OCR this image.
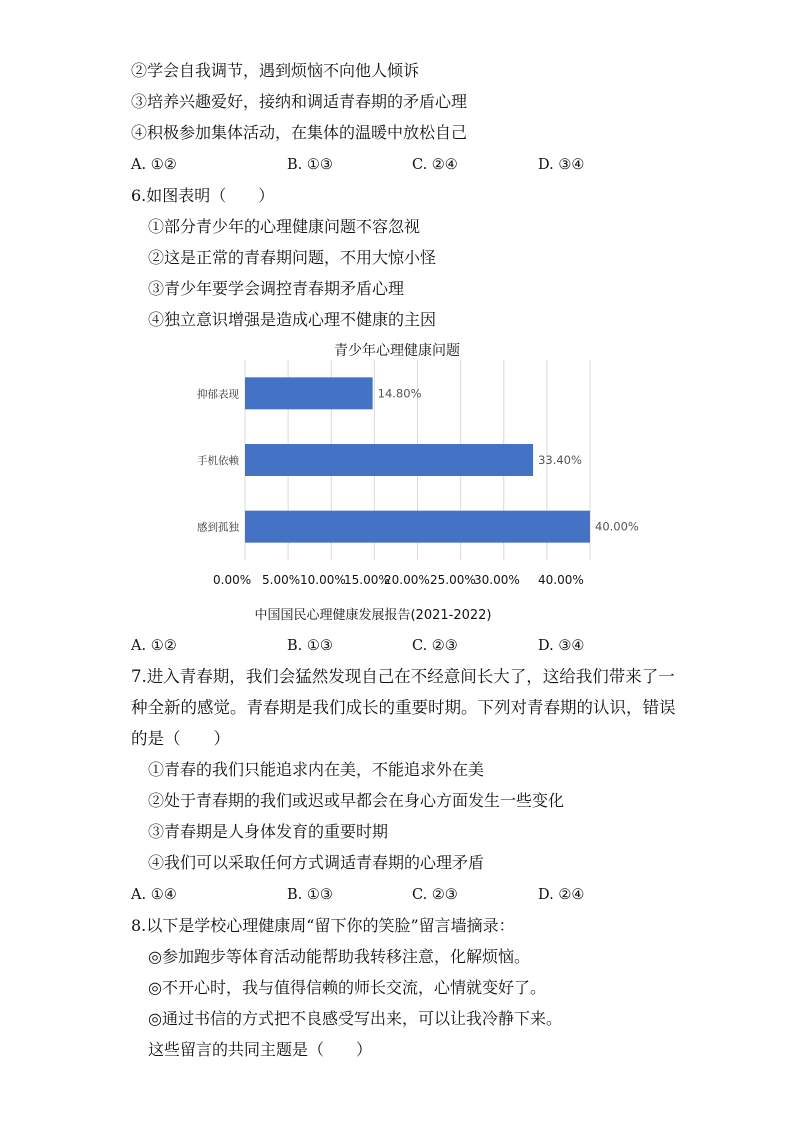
②学会自我调节，遇到烦恼不向他人倾诉
③培养兴趣爱好，接纳和调适青春期的矛盾心理
④积极参加集体活动，在集体的温暖中放松自己
A. ①②	B. ①③	C. ②④	D. ③④
6.如图表明（　　）
①部分青少年的心理健康问题不容忽视
②这是正常的青春期问题，不用大惊小怪
③青少年要学会调控青春期矛盾心理
④独立意识增强是造成心理不健康的主因
青少年心理健康问题
抑郁表现	14.80%
手机依赖	33.40%
感到孤独	40.00%
0.00% 5.00% 10.00%
15.00%
20.00% 25.00%
30.00% 40.00%
中国国民心理健康发展报告(2021-2022)
A. ①②	B. ①③	C. ②③	D. ③④
7.进入青春期，我们会猛然发现自己在不经意间长大了，这给我们带来了一
种全新的感觉。青春期是我们成长的重要时期。下列对青春期的认识，错误
的是（　　）
①青春的我们只能追求内在美，不能追求外在美
②处于青春期的我们或迟或早都会在身心方面发生一些变化
③青春期是人身体发育的重要时期
④我们可以采取任何方式调适青春期的心理矛盾
A. ①④	B. ①③	C. ②③	D. ②④
8.以下是学校心理健康周“留下你的笑脸”留言墙摘录：
◎参加跑步等体育活动能帮助我转移注意，化解烦恼。
◎不开心时，我与值得信赖的师长交流，心情就变好了。
◎通过书信的方式把不良感受写出来，可以让我冷静下来。
这些留言的共同主题是（　　）
